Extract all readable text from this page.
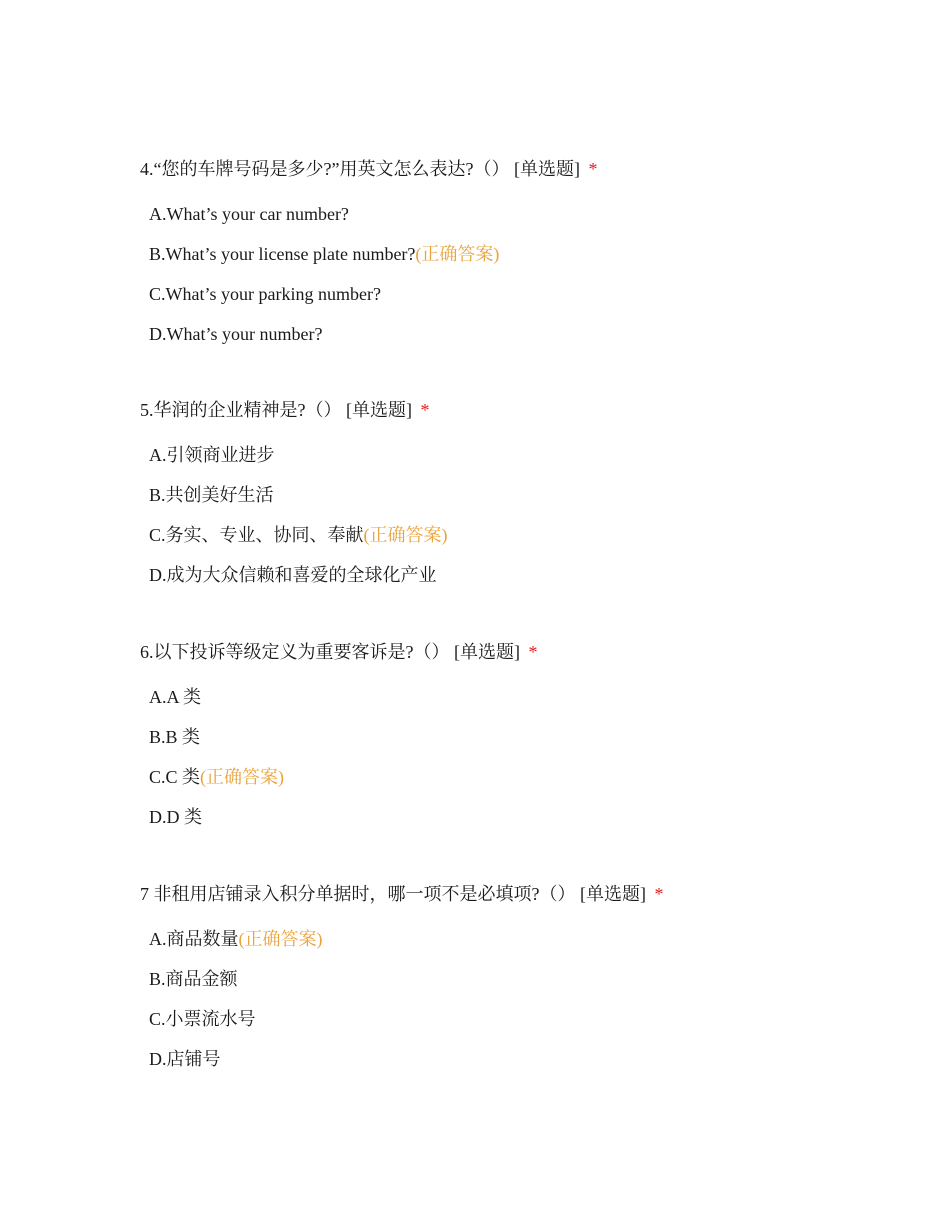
4.“您的车牌号码是多少?”用英文怎么表达?（） [单选题] *
A.What’s your car number?
B.What’s your license plate number?(正确答案)
C.What’s your parking number?
D.What’s your number?
5.华润的企业精神是?（） [单选题] *
A.引领商业进步
B.共创美好生活
C.务实、专业、协同、奉献(正确答案)
D.成为大众信赖和喜爱的全球化产业
6.以下投诉等级定义为重要客诉是?（） [单选题] *
A.A 类
B.B 类
C.C 类(正确答案)
D.D 类
7 非租用店铺录入积分单据时，哪一项不是必填项?（） [单选题] *
A.商品数量(正确答案)
B.商品金额
C.小票流水号
D.店铺号
